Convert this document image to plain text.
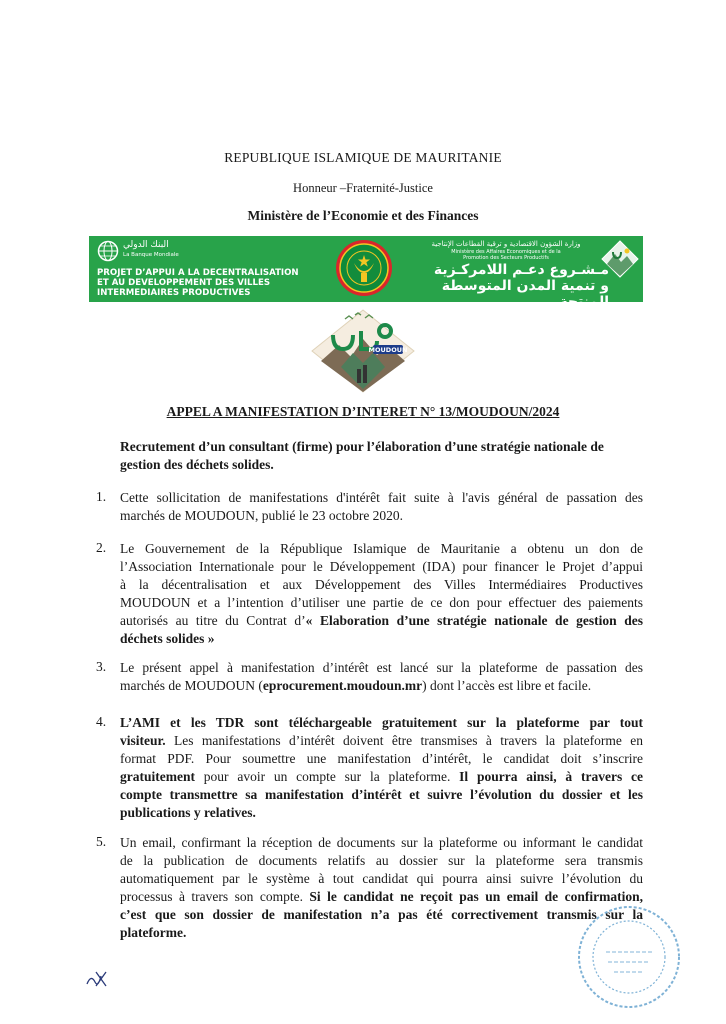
REPUBLIQUE ISLAMIQUE DE MAURITANIE
Honneur –Fraternité-Justice
Ministère de l’Economie et des Finances
البنك الدولي
La Banque Mondiale
PROJET D’APPUI A LA DECENTRALISATION
ET AU DEVELOPPEMENT DES VILLES
INTERMEDIAIRES PRODUCTIVES
وزارة الشؤون الاقتصادية و ترقية القطاعات الإنتاجية
Ministère des Affaires Economiques et de la
Promotion des Secteurs Productifs
مـشـروع دعـم اللامركـزية
و تنمية المدن المتوسطة المنتجة
MOUDOUN
APPEL A MANIFESTATION D’INTERET N° 13/MOUDOUN/2024
Recrutement d’un consultant (firme) pour l’élaboration d’une stratégie nationale de gestion des déchets solides.
1. Cette sollicitation de manifestations d'intérêt fait suite à l'avis général de passation des
marchés de MOUDOUN, publié le 23 octobre 2020.
2. Le Gouvernement de la République Islamique de Mauritanie a obtenu un don de
l’Association Internationale pour le Développement (IDA) pour financer le Projet d’appui
à la décentralisation et aux Développement des Villes Intermédiaires Productives
MOUDOUN et a l’intention d’utiliser une partie de ce don pour effectuer des paiements
autorisés au titre du Contrat d’« Elaboration d’une stratégie nationale de gestion des
déchets solides »
3. Le présent appel à manifestation d’intérêt est lancé sur la plateforme de passation des
marchés de MOUDOUN (eprocurement.moudoun.mr) dont l’accès est libre et facile.
4. L’AMI et les TDR sont téléchargeable gratuitement sur la plateforme par tout
visiteur. Les manifestations d’intérêt doivent être transmises à travers la plateforme en
format PDF. Pour soumettre une manifestation d’intérêt, le candidat doit s’inscrire
gratuitement pour avoir un compte sur la plateforme. Il pourra ainsi, à travers ce
compte transmettre sa manifestation d’intérêt et suivre l’évolution du dossier et les
publications y relatives.
5. Un email, confirmant la réception de documents sur la plateforme ou informant le candidat
de la publication de documents relatifs au dossier sur la plateforme sera transmis
automatiquement par le système à tout candidat qui pourra ainsi suivre l’évolution du
processus à travers son compte. Si le candidat ne reçoit pas un email de confirmation,
c’est que son dossier de manifestation n’a pas été correctivement transmis sur la
plateforme.
